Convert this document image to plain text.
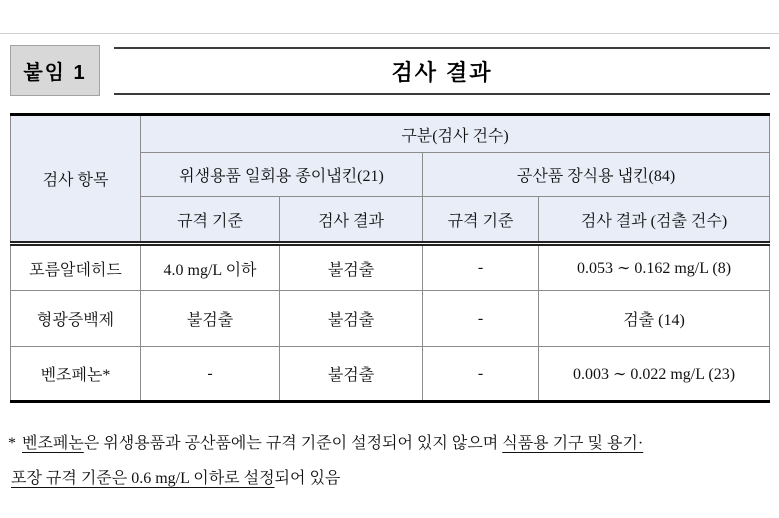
붙임 1	검사 결과
검사 항목	구분(검사 건수)			
	위생용품 일회용 종이냅킨(21)		공산품 장식용 냅킨(84)	
	규격 기준	검사 결과	규격 기준	검사 결과 (검출 건수)
포름알데히드	4.0 mg/L 이하	불검출	-	0.053 ∼ 0.162 mg/L (8)
형광증백제	불검출	불검출	-	검출 (14)
벤조페논*	-	불검출	-	0.003 ∼ 0.022 mg/L (23)
* 벤조페논은 위생용품과 공산품에는 규격 기준이 설정되어 있지 않으며 식품용 기구 및 용기·
포장 규격 기준은 0.6 mg/L 이하로 설정되어 있음
